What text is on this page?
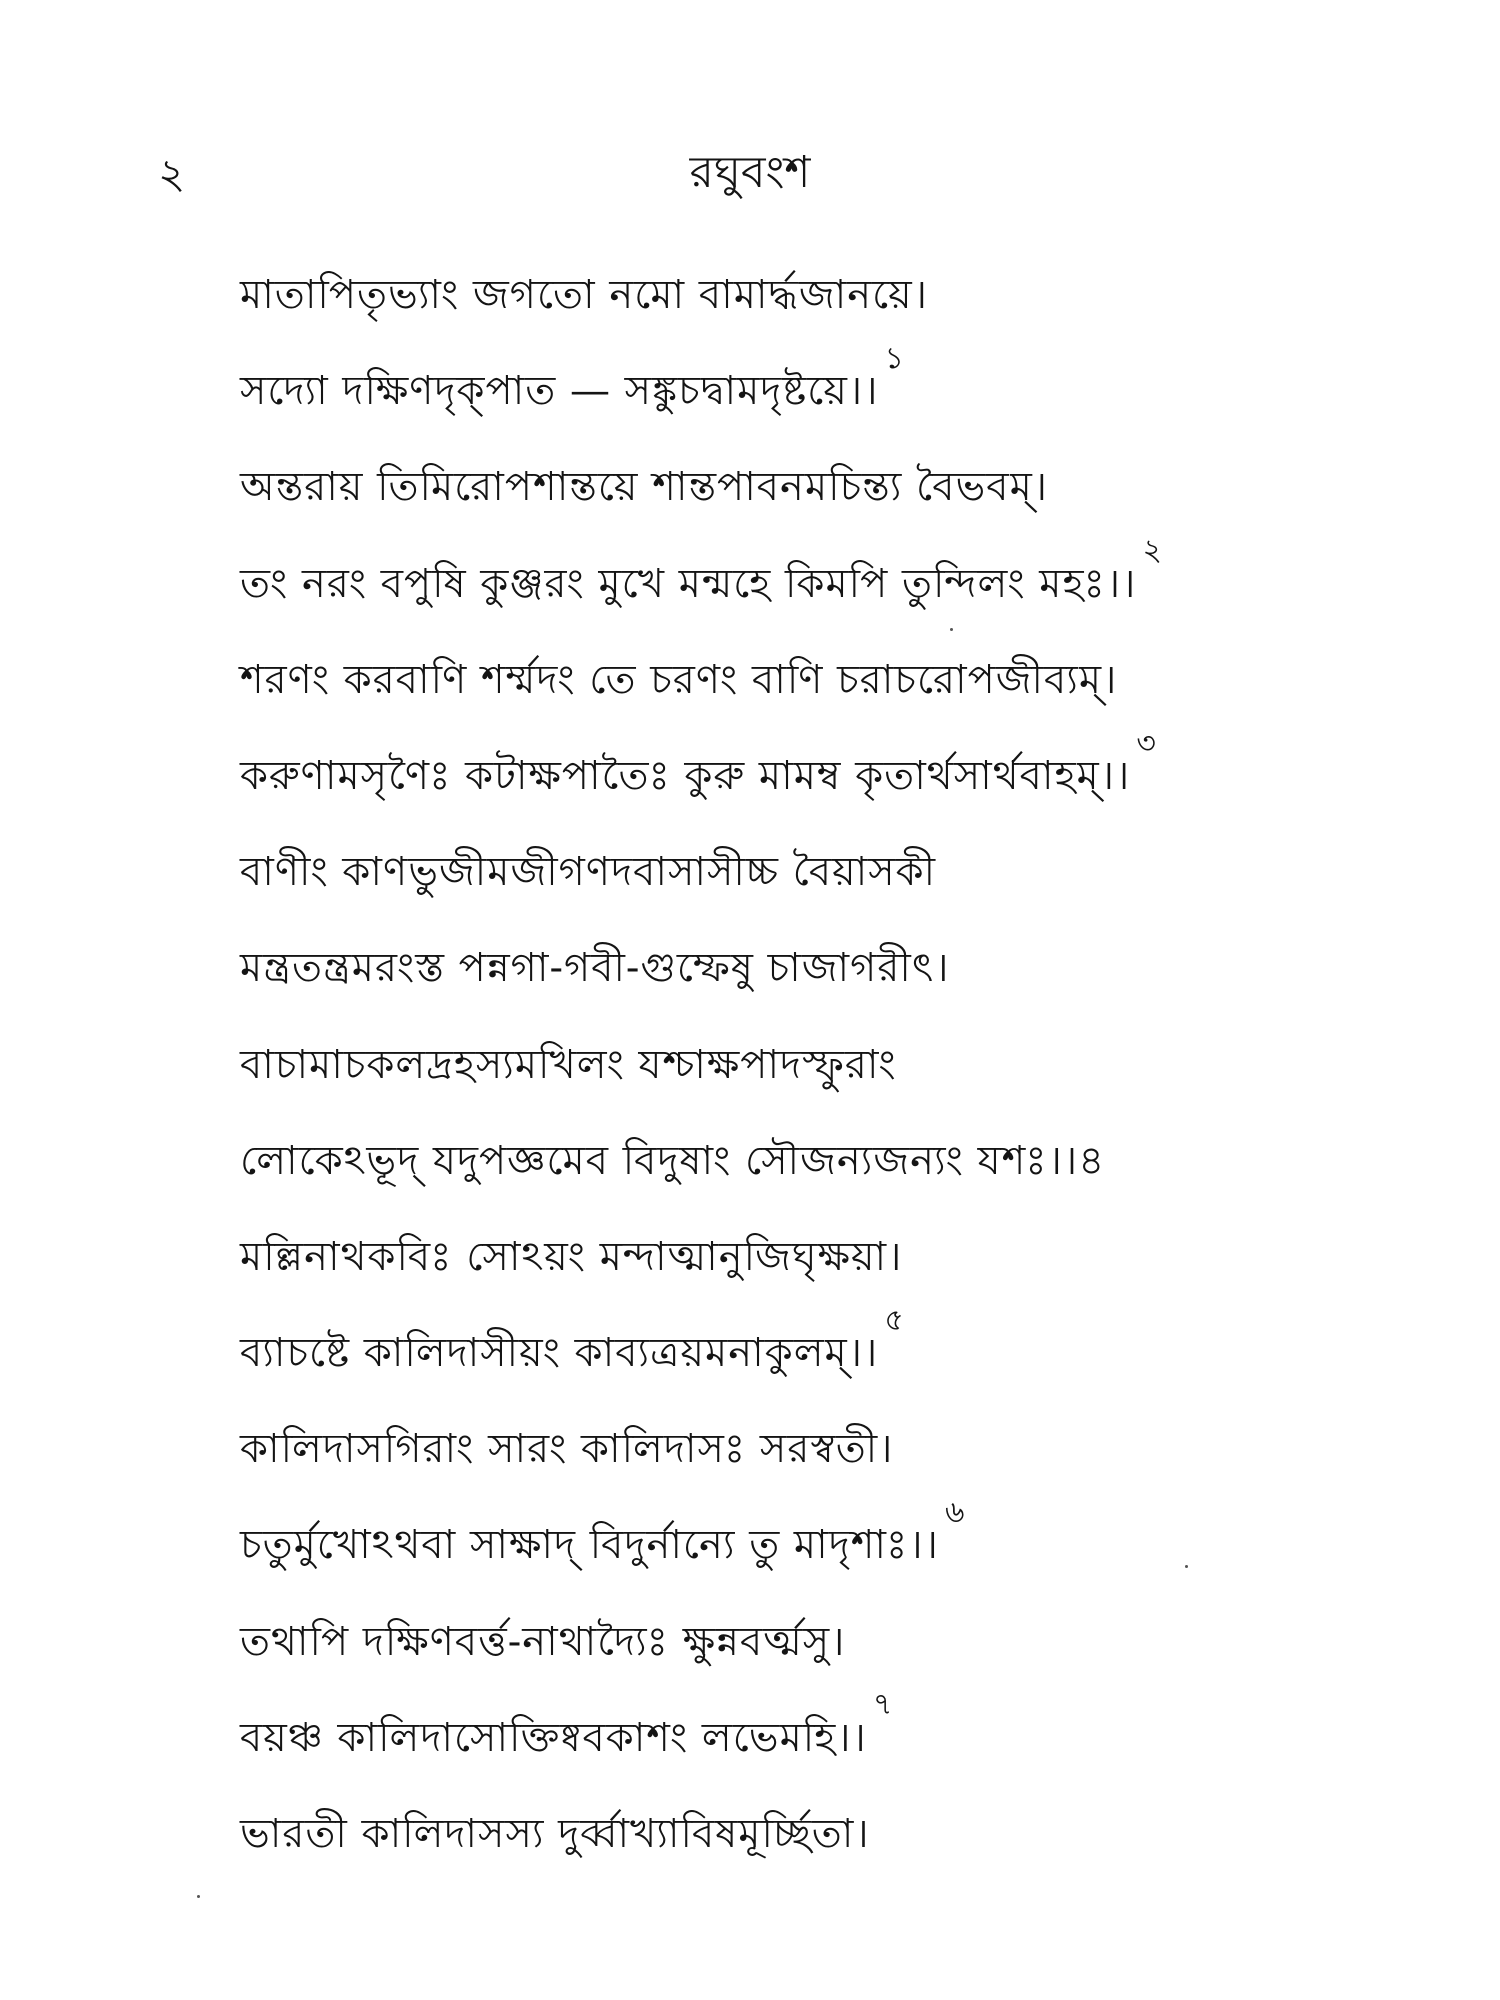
২	রঘুবংশ
মাতাপিতৃভ্যাং জগতো নমো বামার্দ্ধজানয়ে।
সদ্যো দক্ষিণদৃক্‌পাত — সঙ্কুচদ্বামদৃষ্টয়ে।।$^১$
অন্তরায় তিমিরোপশান্তয়ে শান্তপাবনমচিন্ত্য বৈভবম্‌।
তং নরং বপুষি কুঞ্জরং মুখে মন্মহে কিমপি তুন্দিলং মহঃ।।$^২$
শরণং করবাণি শর্ম্মদং তে চরণং বাণি চরাচরোপজীব্যম্‌।
করুণামসৃণৈঃ কটাক্ষপাতৈঃ কুরু মামম্ব কৃতার্থসার্থবাহম্‌।।$^৩$
বাণীং কাণভুজীমজীগণদবাসাসীচ্চ বৈয়াসকী
মন্ত্রতন্ত্রমরংস্ত পন্নগা-গবী-গুম্ফেষু চাজাগরীৎ।
বাচামাচকলদ্রহস্যমখিলং যশ্চাক্ষপাদস্ফুরাং
লোকেঽভূদ্‌ যদুপজ্ঞমেব বিদুষাং সৌজন্যজন্যং যশঃ।।৪
মল্লিনাথকবিঃ সোঽয়ং মন্দাত্মানুজিঘৃক্ষয়া।
ব্যাচষ্টে কালিদাসীয়ং কাব্যত্রয়মনাকুলম্‌।।$^৫$
কালিদাসগিরাং সারং কালিদাসঃ সরস্বতী।
চতুর্মুখোঽথবা সাক্ষাদ্‌ বিদুর্নান্যে তু মাদৃশাঃ।।$^৬$
তথাপি দক্ষিণবর্ত্ত-নাথাদ্যৈঃ ক্ষুন্নবর্ত্মসু।
বয়ঞ্চ কালিদাসোক্তিষ্ববকাশং লভেমহি।।$^৭$
ভারতী কালিদাসস্য দুর্ব্বাখ্যাবিষমূর্চ্ছিতা।
